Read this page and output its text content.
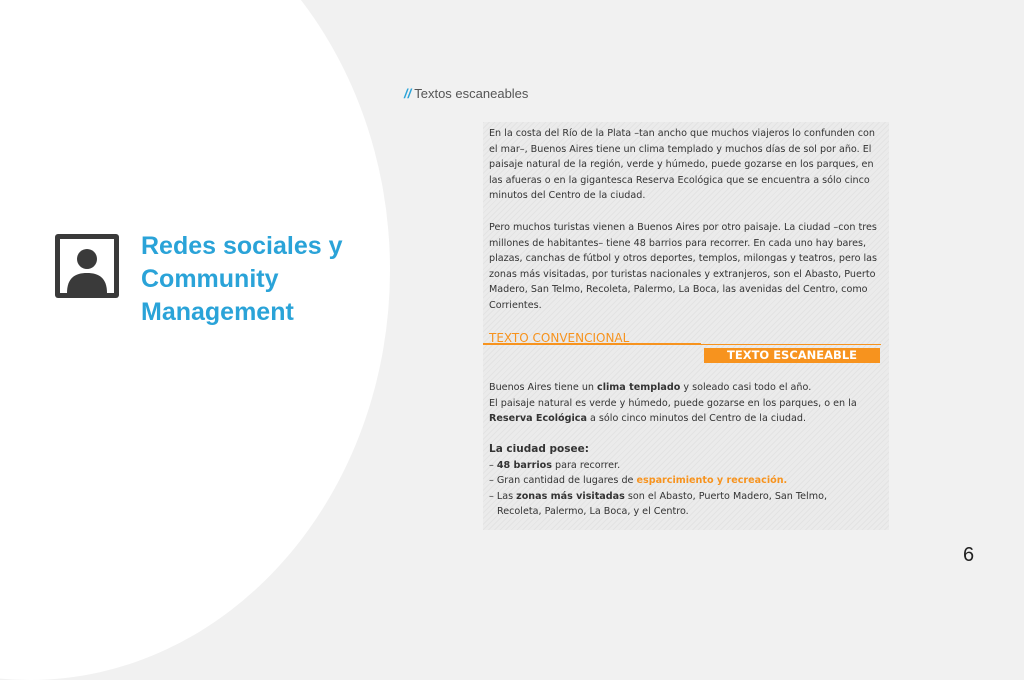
Redes sociales y
Community
Management
// Textos escaneables

En la costa del Río de la Plata –tan ancho que muchos viajeros lo confunden con el mar–, Buenos Aires tiene un clima templado y muchos días de sol por año. El paisaje natural de la región, verde y húmedo, puede gozarse en los parques, en las afueras o en la gigantesca Reserva Ecológica que se encuentra a sólo cinco minutos del Centro de la ciudad.

Pero muchos turistas vienen a Buenos Aires por otro paisaje. La ciudad –con tres millones de habitantes– tiene 48 barrios para recorrer. En cada uno hay bares, plazas, canchas de fútbol y otros deportes, templos, milongas y teatros, pero las zonas más visitadas, por turistas nacionales y extranjeros, son el Abasto, Puerto Madero, San Telmo, Recoleta, Palermo, La Boca, las avenidas del Centro, como Corrientes.

TEXTO CONVENCIONAL
TEXTO ESCANEABLE

Buenos Aires tiene un clima templado y soleado casi todo el año.
El paisaje natural es verde y húmedo, puede gozarse en los parques, o en la Reserva Ecológica a sólo cinco minutos del Centro de la ciudad.

La ciudad posee:
– 48 barrios para recorrer.
– Gran cantidad de lugares de esparcimiento y recreación.
– Las zonas más visitadas son el Abasto, Puerto Madero, San Telmo,
Recoleta, Palermo, La Boca, y el Centro.
6
